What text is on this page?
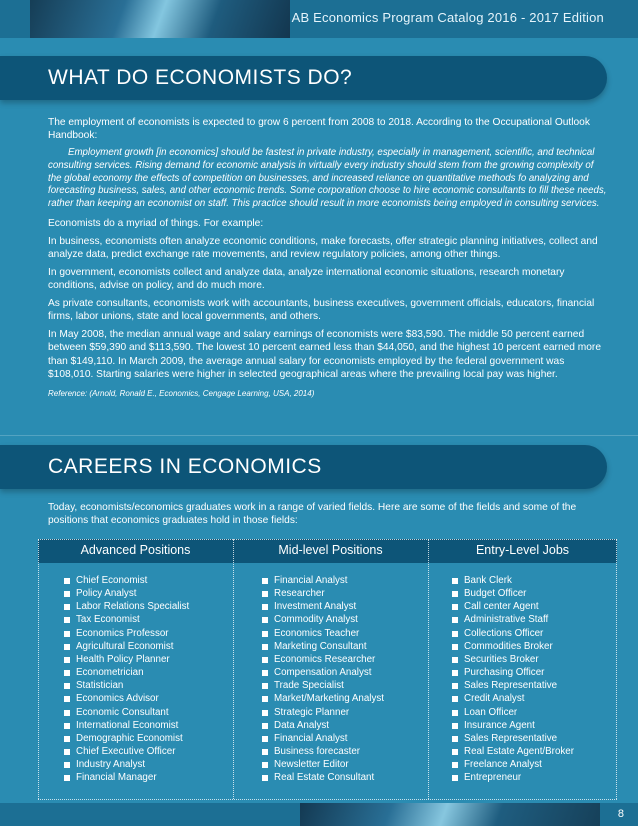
AB Economics Program Catalog 2016 - 2017 Edition
WHAT DO ECONOMISTS DO?

The employment of economists is expected to grow 6 percent from 2008 to 2018. According to the Occupational Outlook Handbook:

Employment growth [in economics] should be fastest in private industry, especially in management, scientific, and technical consulting services. Rising demand for economic analysis in virtually every industry should stem from the growing complexity of the global economy the effects of competition on businesses, and increased reliance on quantitative methods fo analyzing and forecasting business, sales, and other economic trends. Some corporation choose to hire economic consultants to fill these needs, rather than keeping an economist on staff. This practice should result in more economists being employed in consulting services.

Economists do a myriad of things. For example:

In business, economists often analyze economic conditions, make forecasts, offer strategic planning initiatives, collect and analyze data, predict exchange rate movements, and review regulatory policies, among other things.

In government, economists collect and analyze data, analyze international economic situations, research monetary conditions, advise on policy, and do much more.

As private consultants, economists work with accountants, business executives, government officials, educators, financial firms, labor unions, state and local governments, and others.

In May 2008, the median annual wage and salary earnings of economists were $83,590. The middle 50 percent earned between $59,390 and $113,590. The lowest 10 percent earned less than $44,050, and the highest 10 percent earned more than $149,110. In March 2009, the average annual salary for economists employed by the federal government was $108,010. Starting salaries were higher in selected geographical areas where the prevailing local pay was higher.

Reference: (Arnold, Ronald E., Economics, Cengage Learning, USA, 2014)

CAREERS IN ECONOMICS

Today, economists/economics graduates work in a range of varied fields. Here are some of the fields and some of the positions that economics graduates hold in those fields:

Advanced Positions	Mid-level Positions	Entry-Level Jobs
Chief Economist
Policy Analyst
Labor Relations Specialist
Tax Economist
Economics Professor
Agricultural Economist
Health Policy Planner
Econometrician
Statistician
Economics Advisor
Economic Consultant
International Economist
Demographic Economist
Chief Executive Officer
Industry Analyst
Financial Manager
Financial Analyst
Researcher
Investment Analyst
Commodity Analyst
Economics Teacher
Marketing Consultant
Economics Researcher
Compensation Analyst
Trade Specialist
Market/Marketing Analyst
Strategic Planner
Data Analyst
Financial Analyst
Business forecaster
Newsletter Editor
Real Estate Consultant
Bank Clerk
Budget Officer
Call center Agent
Administrative Staff
Collections Officer
Commodities Broker
Securities Broker
Purchasing Officer
Sales Representative
Credit Analyst
Loan Officer
Insurance Agent
Sales Representative
Real Estate Agent/Broker
Freelance Analyst
Entrepreneur
8
